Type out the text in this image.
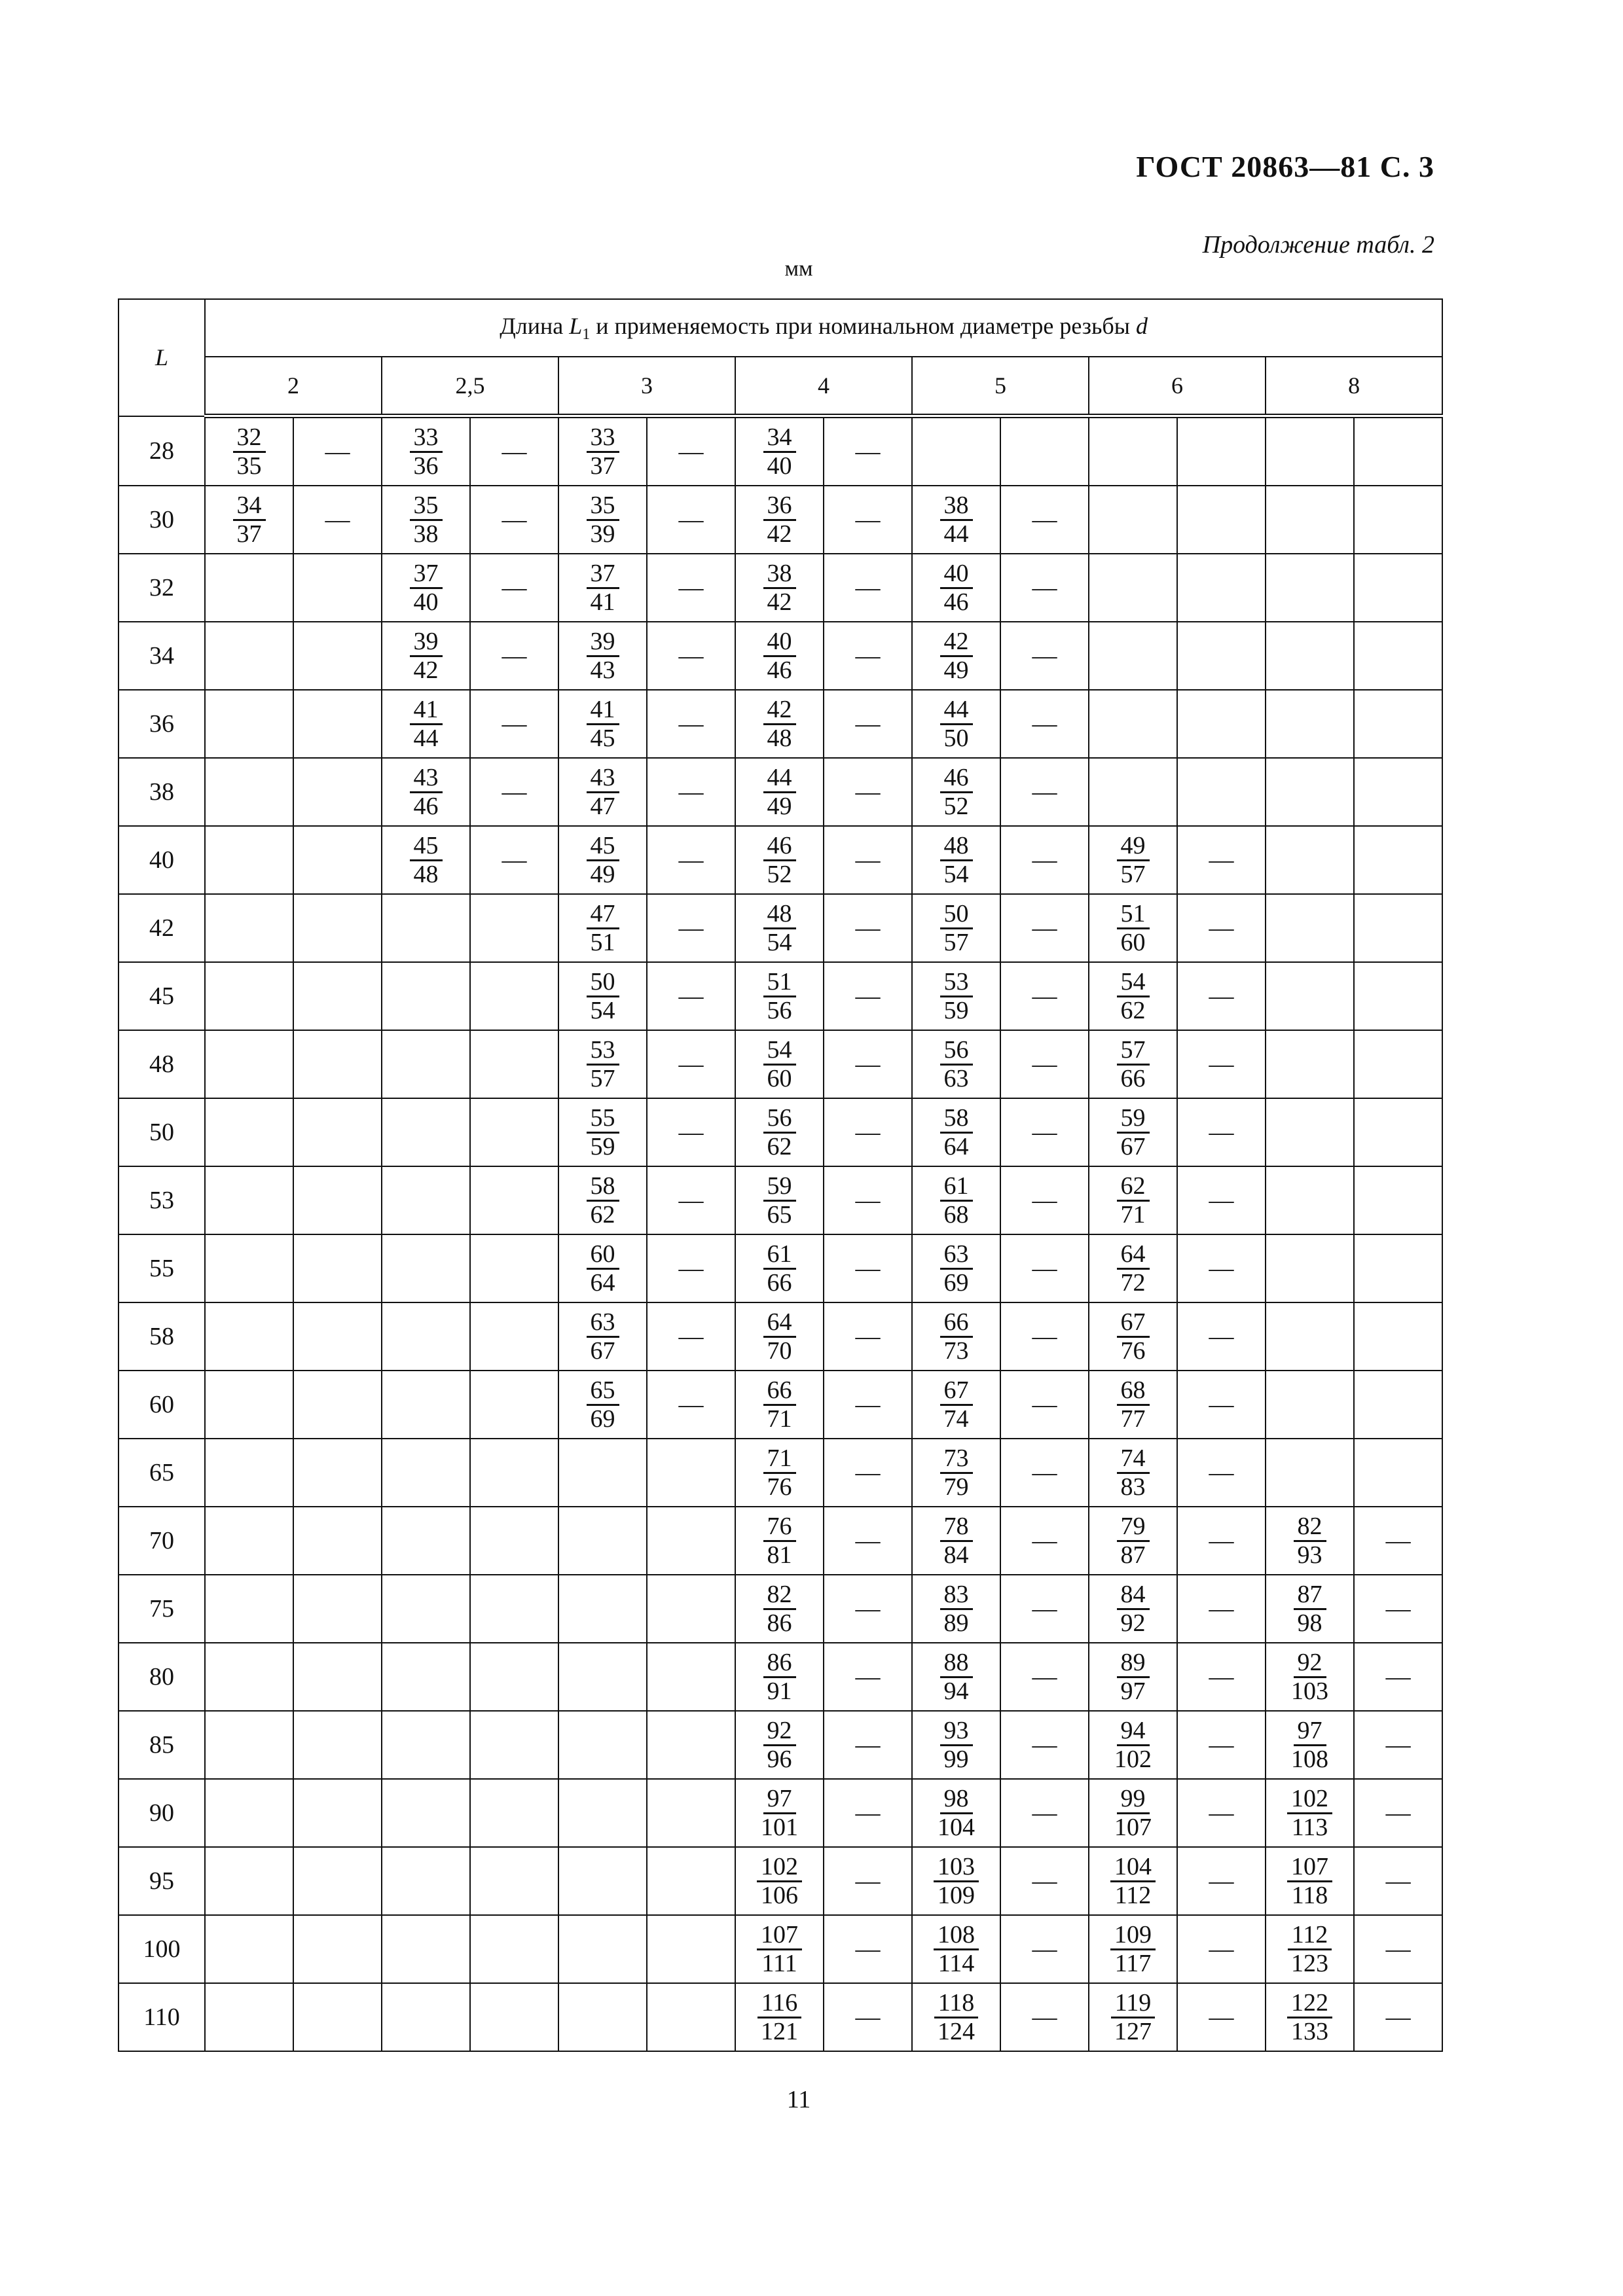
ГОСТ 20863—81 С. 3
Продолжение табл. 2
мм
L	Длина $L_1$ и применяемость при номинальном диаметре резьбы d													
	2		2,5		3		4		5		6		8	
28	$\frac{32}{35}$	—	$\frac{33}{36}$	—	$\frac{33}{37}$	—	$\frac{34}{40}$	—						
30	$\frac{34}{37}$	—	$\frac{35}{38}$	—	$\frac{35}{39}$	—	$\frac{36}{42}$	—	$\frac{38}{44}$	—				
32			$\frac{37}{40}$	—	$\frac{37}{41}$	—	$\frac{38}{42}$	—	$\frac{40}{46}$	—				
34			$\frac{39}{42}$	—	$\frac{39}{43}$	—	$\frac{40}{46}$	—	$\frac{42}{49}$	—				
36			$\frac{41}{44}$	—	$\frac{41}{45}$	—	$\frac{42}{48}$	—	$\frac{44}{50}$	—				
38			$\frac{43}{46}$	—	$\frac{43}{47}$	—	$\frac{44}{49}$	—	$\frac{46}{52}$	—				
40			$\frac{45}{48}$	—	$\frac{45}{49}$	—	$\frac{46}{52}$	—	$\frac{48}{54}$	—	$\frac{49}{57}$	—		
42					$\frac{47}{51}$	—	$\frac{48}{54}$	—	$\frac{50}{57}$	—	$\frac{51}{60}$	—		
45					$\frac{50}{54}$	—	$\frac{51}{56}$	—	$\frac{53}{59}$	—	$\frac{54}{62}$	—		
48					$\frac{53}{57}$	—	$\frac{54}{60}$	—	$\frac{56}{63}$	—	$\frac{57}{66}$	—		
50					$\frac{55}{59}$	—	$\frac{56}{62}$	—	$\frac{58}{64}$	—	$\frac{59}{67}$	—		
53					$\frac{58}{62}$	—	$\frac{59}{65}$	—	$\frac{61}{68}$	—	$\frac{62}{71}$	—		
55					$\frac{60}{64}$	—	$\frac{61}{66}$	—	$\frac{63}{69}$	—	$\frac{64}{72}$	—		
58					$\frac{63}{67}$	—	$\frac{64}{70}$	—	$\frac{66}{73}$	—	$\frac{67}{76}$	—		
60					$\frac{65}{69}$	—	$\frac{66}{71}$	—	$\frac{67}{74}$	—	$\frac{68}{77}$	—		
65							$\frac{71}{76}$	—	$\frac{73}{79}$	—	$\frac{74}{83}$	—		
70							$\frac{76}{81}$	—	$\frac{78}{84}$	—	$\frac{79}{87}$	—	$\frac{82}{93}$	—
75							$\frac{82}{86}$	—	$\frac{83}{89}$	—	$\frac{84}{92}$	—	$\frac{87}{98}$	—
80							$\frac{86}{91}$	—	$\frac{88}{94}$	—	$\frac{89}{97}$	—	$\frac{92}{103}$	—
85							$\frac{92}{96}$	—	$\frac{93}{99}$	—	$\frac{94}{102}$	—	$\frac{97}{108}$	—
90							$\frac{97}{101}$	—	$\frac{98}{104}$	—	$\frac{99}{107}$	—	$\frac{102}{113}$	—
95							$\frac{102}{106}$	—	$\frac{103}{109}$	—	$\frac{104}{112}$	—	$\frac{107}{118}$	—
100							$\frac{107}{111}$	—	$\frac{108}{114}$	—	$\frac{109}{117}$	—	$\frac{112}{123}$	—
110							$\frac{116}{121}$	—	$\frac{118}{124}$	—	$\frac{119}{127}$	—	$\frac{122}{133}$	—
11
